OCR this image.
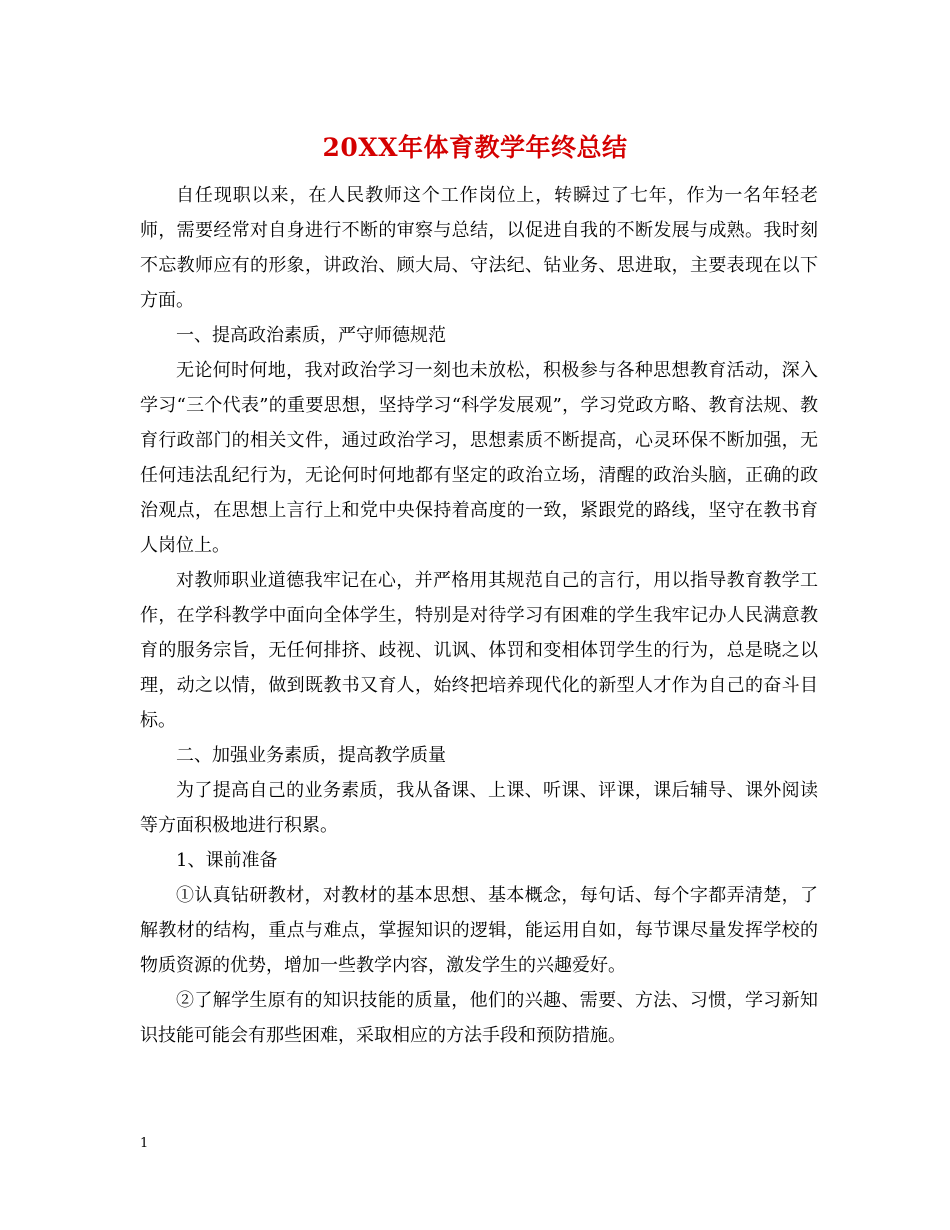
20XX年体育教学年终总结

自任现职以来，在人民教师这个工作岗位上，转瞬过了七年，作为一名年轻老师，需要经常对自身进行不断的审察与总结，以促进自我的不断发展与成熟。我时刻不忘教师应有的形象，讲政治、顾大局、守法纪、钻业务、思进取，主要表现在以下方面。

一、提高政治素质，严守师德规范

无论何时何地，我对政治学习一刻也未放松，积极参与各种思想教育活动，深入学习“三个代表”的重要思想，坚持学习“科学发展观”，学习党政方略、教育法规、教育行政部门的相关文件，通过政治学习，思想素质不断提高，心灵环保不断加强，无任何违法乱纪行为，无论何时何地都有坚定的政治立场，清醒的政治头脑，正确的政治观点，在思想上言行上和党中央保持着高度的一致，紧跟党的路线，坚守在教书育人岗位上。

对教师职业道德我牢记在心，并严格用其规范自己的言行，用以指导教育教学工作，在学科教学中面向全体学生，特别是对待学习有困难的学生我牢记办人民满意教育的服务宗旨，无任何排挤、歧视、讥讽、体罚和变相体罚学生的行为，总是晓之以理，动之以情，做到既教书又育人，始终把培养现代化的新型人才作为自己的奋斗目标。

二、加强业务素质，提高教学质量

为了提高自己的业务素质，我从备课、上课、听课、评课，课后辅导、课外阅读等方面积极地进行积累。

1、课前准备

①认真钻研教材，对教材的基本思想、基本概念，每句话、每个字都弄清楚，了解教材的结构，重点与难点，掌握知识的逻辑，能运用自如，每节课尽量发挥学校的物质资源的优势，增加一些教学内容，激发学生的兴趣爱好。

②了解学生原有的知识技能的质量，他们的兴趣、需要、方法、习惯，学习新知识技能可能会有那些困难，采取相应的方法手段和预防措施。

1
